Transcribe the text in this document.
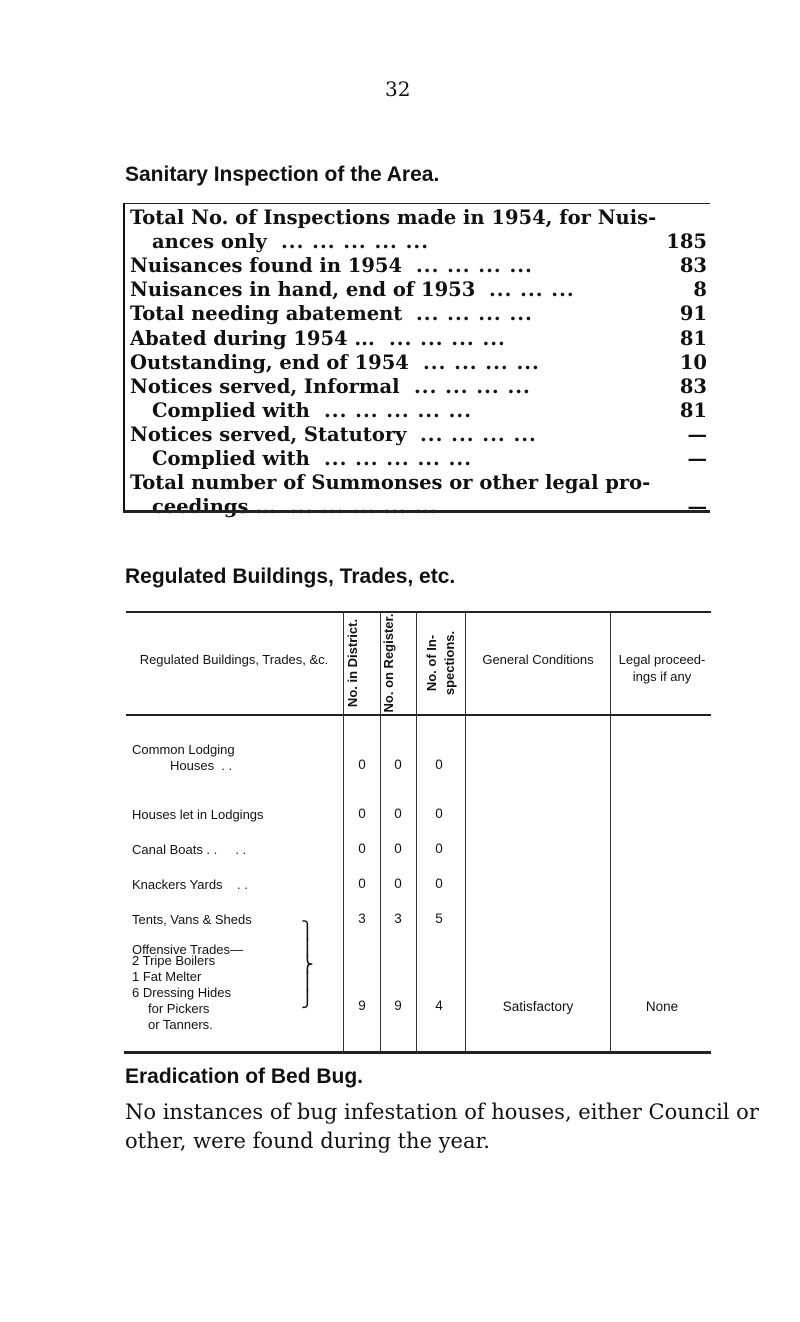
32
Sanitary Inspection of the Area.
Total No. of Inspections made in 1954, for Nuis-
ances only ... ... ... ... ...	185
Nuisances found in 1954 ... ... ... ...	83
Nuisances in hand, end of 1953 ... ... ...	8
Total needing abatement ... ... ... ...	91
Abated during 1954 ... ... ... ... ...	81
Outstanding, end of 1954 ... ... ... ...	10
Notices served, Informal ... ... ... ...	83
Complied with ... ... ... ... ...	81
Notices served, Statutory ... ... ... ...	—
Complied with ... ... ... ... ...	—
Total number of Summonses or other legal pro-
ceedings ... ... ... ... ... ...	—
Regulated Buildings, Trades, etc.
Regulated Buildings, Trades, &c.	No. in District.	No. on Register.	No. of In-spections.	General Conditions	Legal proceed-ings if any
Common Lodging
Houses  . .	0	0	0
Houses let in Lodgings	0	0	0
Canal Boats . .     . .	0	0	0
Knackers Yards    . .	0	0	0
Tents, Vans & Sheds	3	3	5
Offensive Trades—
2 Tripe Boilers
1 Fat Melter
6 Dressing Hides
for Pickers
or Tanners.
⎫
⎪
⎬
⎪
⎭	9	9	4	Satisfactory	None
Eradication of Bed Bug.
No instances of bug infestation of houses, either Council or other, were found during the year.
